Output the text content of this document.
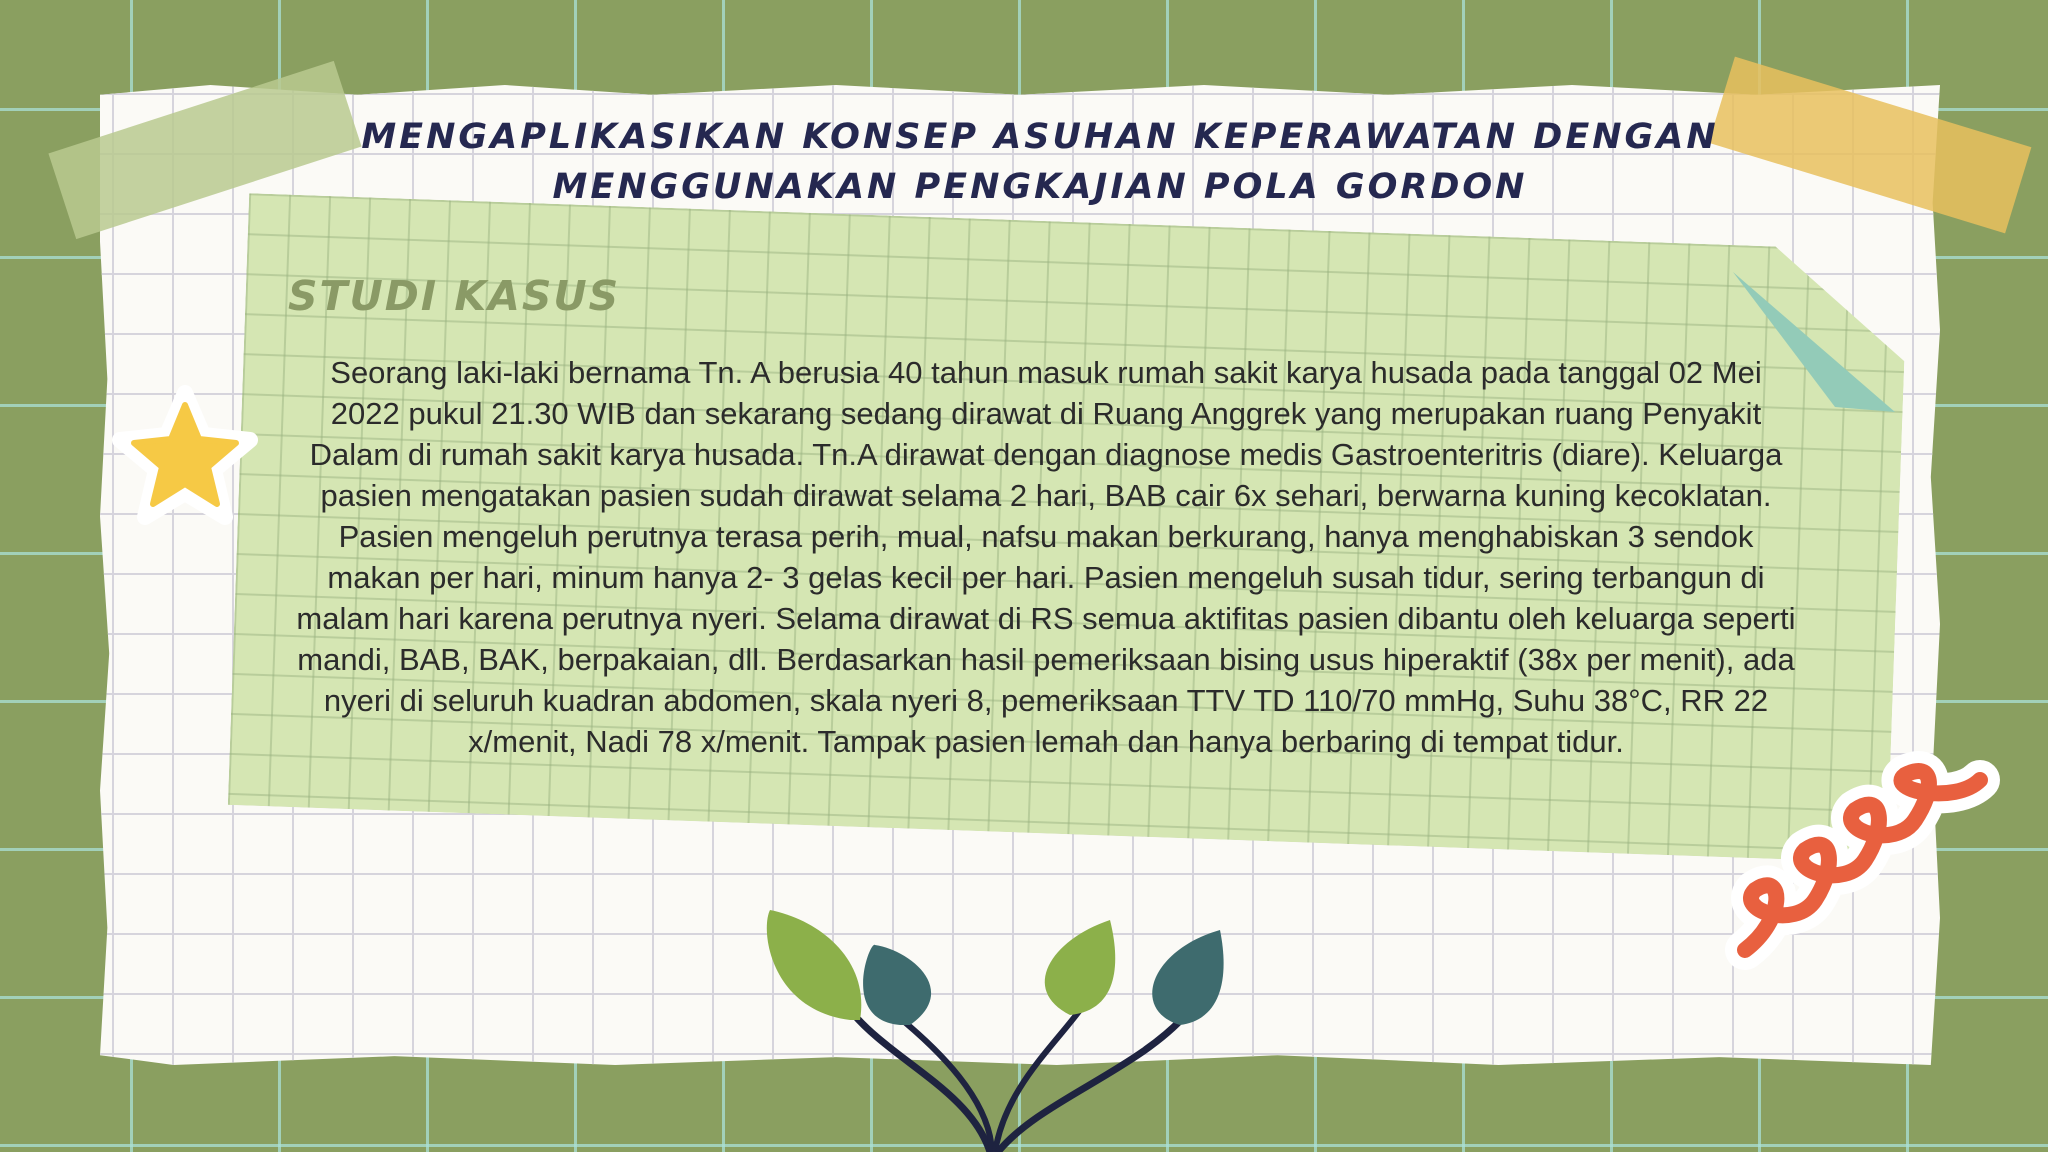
MENGAPLIKASIKAN KONSEP ASUHAN KEPERAWATAN DENGAN MENGGUNAKAN PENGKAJIAN POLA GORDON
STUDI KASUS
Seorang laki-laki bernama Tn. A berusia 40 tahun masuk rumah sakit karya husada pada tanggal 02 Mei 2022 pukul 21.30 WIB dan sekarang sedang dirawat di Ruang Anggrek yang merupakan ruang Penyakit Dalam di rumah sakit karya husada. Tn.A dirawat dengan diagnose medis Gastroenteritris (diare). Keluarga pasien mengatakan pasien sudah dirawat selama 2 hari, BAB cair 6x sehari, berwarna kuning kecoklatan. Pasien mengeluh perutnya terasa perih, mual, nafsu makan berkurang, hanya menghabiskan 3 sendok makan per hari, minum hanya 2- 3 gelas kecil per hari. Pasien mengeluh susah tidur, sering terbangun di malam hari karena perutnya nyeri. Selama dirawat di RS semua aktifitas pasien dibantu oleh keluarga seperti mandi, BAB, BAK, berpakaian, dll. Berdasarkan hasil pemeriksaan bising usus hiperaktif (38x per menit), ada nyeri di seluruh kuadran abdomen, skala nyeri 8, pemeriksaan TTV TD 110/70 mmHg, Suhu 38°C, RR 22 x/menit, Nadi 78 x/menit. Tampak pasien lemah dan hanya berbaring di tempat tidur.
